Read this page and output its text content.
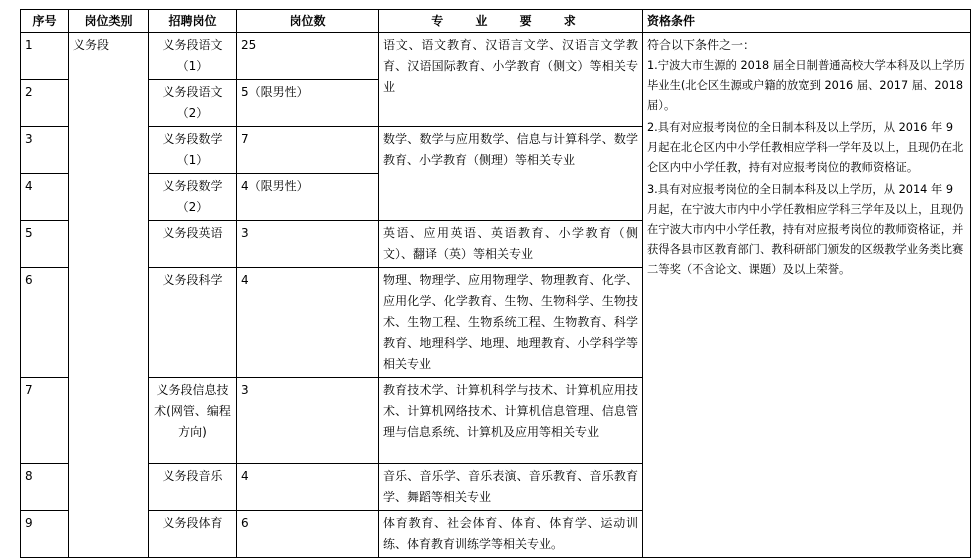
序号	岗位类别	招聘岗位	岗位数	专 业 要 求	资格条件
1	义务段	义务段语文（1）	25	语文、语文教育、汉语言文学、汉语言文学教育、汉语国际教育、小学教育（侧文）等相关专业	符合以下条件之一：

1.宁波大市生源的 2018 届全日制普通高校大学本科及以上学历毕业生(北仑区生源或户籍的放宽到 2016 届、2017 届、2018 届）。

2.具有对应报考岗位的全日制本科及以上学历，从 2016 年 9 月起在北仑区内中小学任教相应学科一学年及以上，且现仍在北仑区内中小学任教，持有对应报考岗位的教师资格证。

3.具有对应报考岗位的全日制本科及以上学历，从 2014 年 9 月起，在宁波大市内中小学任教相应学科三学年及以上，且现仍在宁波大市内中小学任教，持有对应报考岗位的教师资格证，并获得各县市区教育部门、教科研部门颁发的区级教学业务类比赛二等奖（不含论文、课题）及以上荣誉。

2		义务段语文（2）	5（限男性）		
3		义务段数学（1）	7	数学、数学与应用数学、信息与计算科学、数学教育、小学教育（侧理）等相关专业	
4		义务段数学（2）	4（限男性）		
5		义务段英语	3	英语、应用英语、英语教育、小学教育（侧文）、翻译（英）等相关专业	
6		义务段科学	4	物理、物理学、应用物理学、物理教育、化学、应用化学、化学教育、生物、生物科学、生物技术、生物工程、生物系统工程、生物教育、科学教育、地理科学、地理、地理教育、小学科学等相关专业	
7		义务段信息技术(网管、编程方向)	3	教育技术学、计算机科学与技术、计算机应用技术、计算机网络技术、计算机信息管理、信息管理与信息系统、计算机及应用等相关专业	
8		义务段音乐	4	音乐、音乐学、音乐表演、音乐教育、音乐教育学、舞蹈等相关专业	
9		义务段体育	6	体育教育、社会体育、体育、体育学、运动训练、体育教育训练学等相关专业。	
